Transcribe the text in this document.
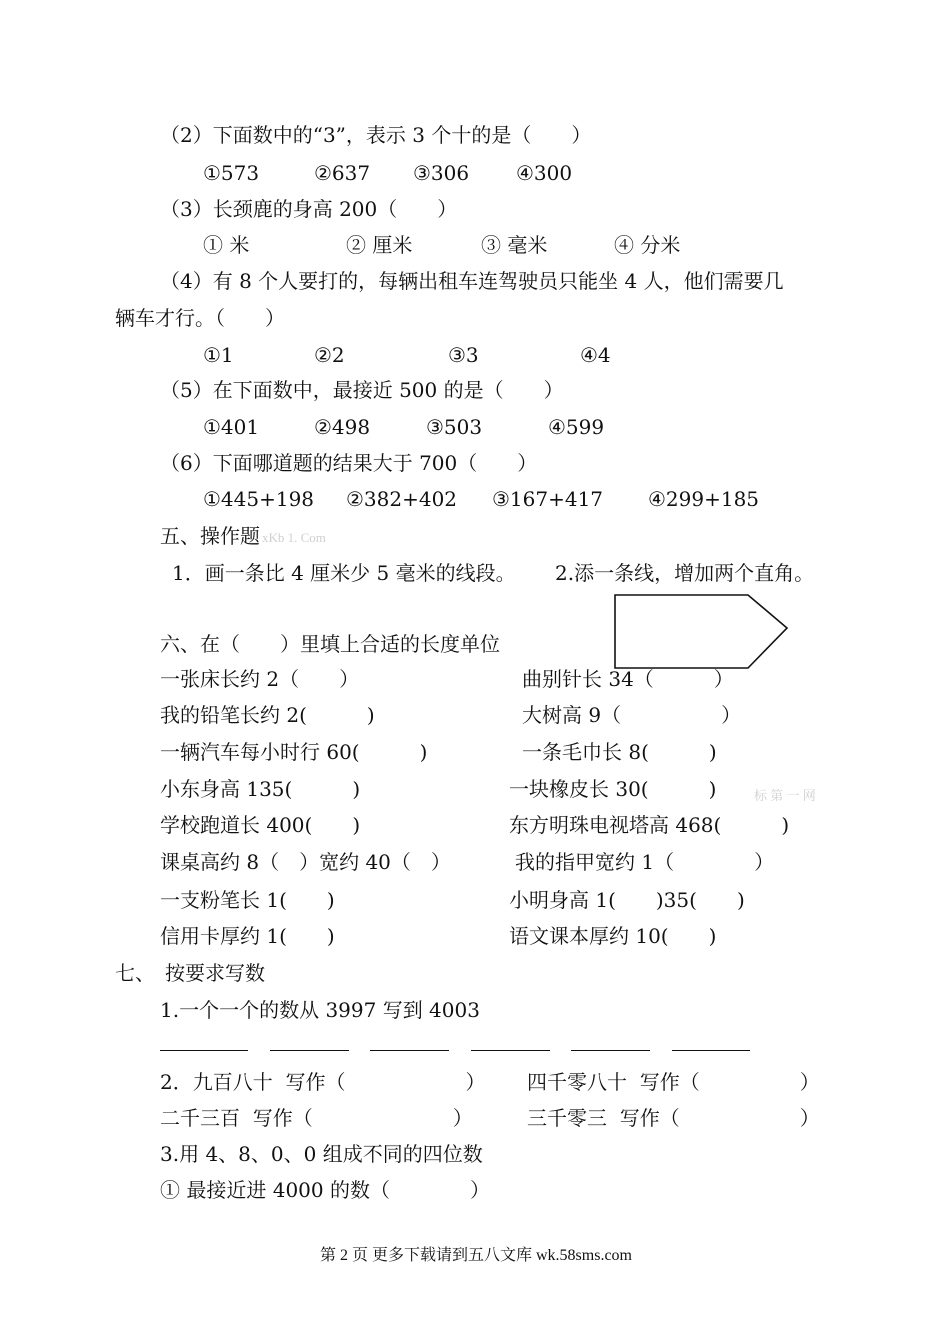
（2）下面数中的“3”，表示 3 个十的是（　　）
①573	②637 ③306 ④300
（3）长颈鹿的身高 200（　　）
① 米	② 厘米	③ 毫米	④ 分米
（4）有 8 个人要打的，每辆出租车连驾驶员只能坐 4 人，他们需要几
辆车才行。（　　）
①1	②2	③3	④4
（5）在下面数中，最接近 500 的是（　　）
①401	②498	③503	④599
（6）下面哪道题的结果大于 700（　　）
①445+198 ②382+402 ③167+417 ④299+185
五、操作题 xKb 1. Com
1．画一条比 4 厘米少 5 毫米的线段。 2.添一条线，增加两个直角。
六、在（　　）里填上合适的长度单位
一张床长约 2（　　）	曲别针长 34（　　　）
我的铅笔长约 2(　　　)	大树高 9（　　　　　）
一辆汽车每小时行 60(　　　)	一条毛巾长 8(　　　)
小东身高 135(　　　)	一块橡皮长 30(　　　)	标 第 一 网
学校跑道长 400(　　)	东方明珠电视塔高 468(　　　)
课桌高约 8（　）宽约 40（　）	我的指甲宽约 1（　　　　）
一支粉笔长 1(　　)	小明身高 1(　　)35(　　)
信用卡厚约 1(　　)	语文课本厚约 10(　　)
七、　按要求写数
1.一个一个的数从 3997 写到 4003
2．九百八十  写作（　　　　　　） 四千零八十  写作（　　　　　）
二千三百  写作（　　　　　　　）	三千零三  写作（　　　　　　）
3.用 4、8、0、0 组成不同的四位数
① 最接近进 4000 的数（　　　　）
第 2 页 更多下载请到五八文库 wk.58sms.com
